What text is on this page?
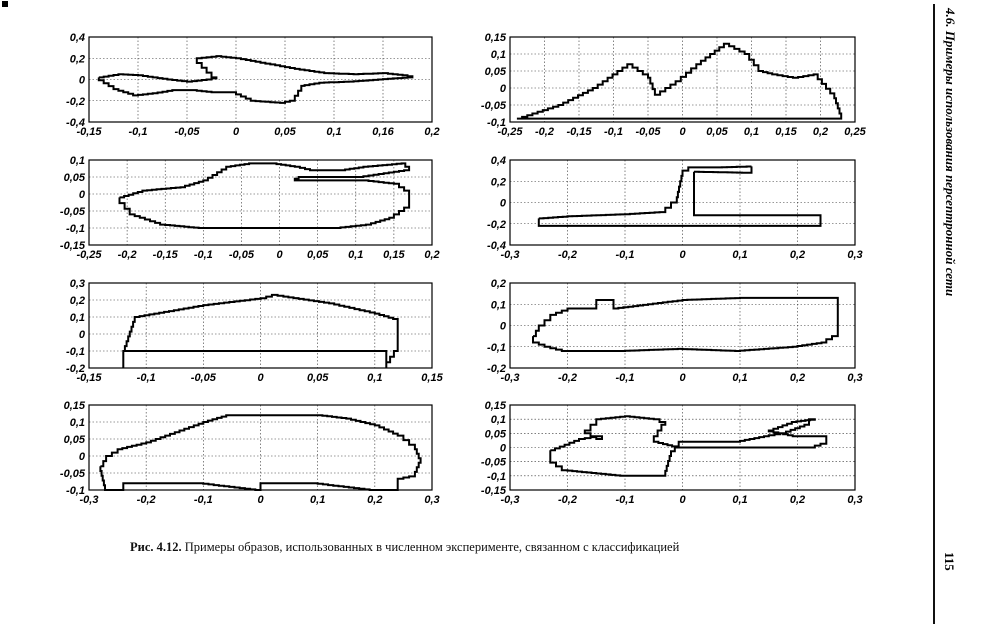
-0,15 -0,1 -0,05	0	0,05	0,1	0,16	0,2
0,4
0,2
0
-0,2
-0,4
-0,25 -0,2 -0,15 -0,1 -0,05 0 0,05 0,1 0,15 0,2 0,25
0,15
0,1
0,05
0
-0,05
-0,1
-0,25 -0,2 -0,15 -0,1 -0,05 0 0,05 0,1 0,15 0,2
0,1
0,05
0
-0,05
-0,1
-0,15
-0,3	-0,2	-0,1	0	0,1	0,2	0,3
0,4
0,2
0
-0,2
-0,4
-0,15	-0,1	-0,05	0	0,05	0,1	0,15
0,3
0,2
0,1
0
-0,1
-0,2
-0,3	-0,2	-0,1	0	0,1	0,2	0,3
0,2
0,1
0
-0,1
-0,2
-0,3	-0,2	-0,1	0	0,1	0,2	0,3
0,15
0,1
0,05
0
-0,05
-0,1
-0,3	-0,2	-0,1	0	0,1	0,2	0,3
0,15
0,1
0,05
0
-0,05
-0,1
-0,15
Рис. 4.12. Примеры образов, использованных в численном эксперименте, связанном с классификацией
4.6. Примеры использования персептронной сети
115
